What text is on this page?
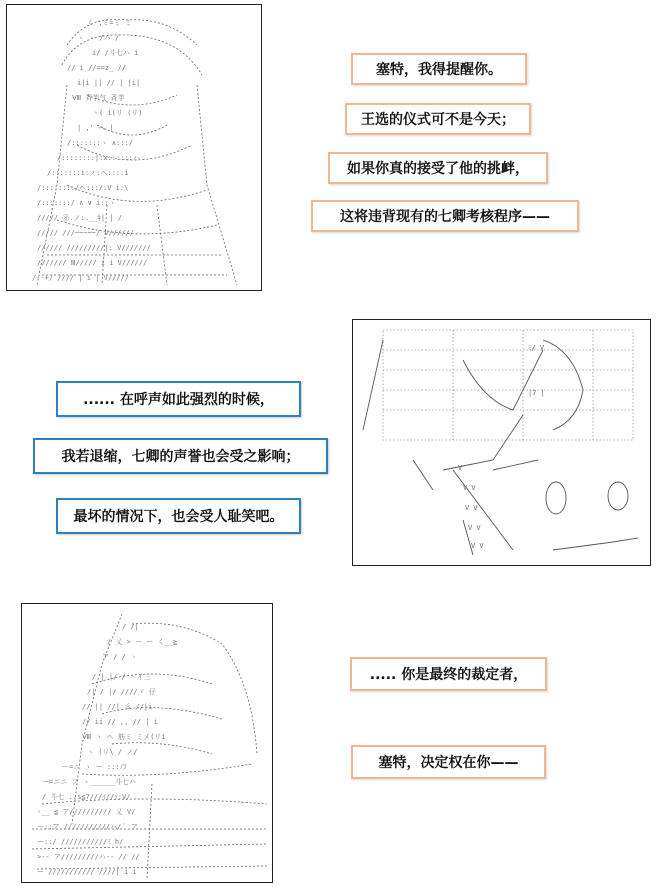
く ,ミ=ミ ミ
ゝ ヽ /ハ /
i/ /斗七ハ i
// i //==z_ //
i|i || // | |i|
Ⅷ 斉芋气 斉芋
ヽ( i(リ (リ)
| ,' ヘ |
/:::::::ヽ ∧:::/
/::::::::|:x::::::ハ
/:::::::i:ノ:ヘ::::i
/::::::::/ヘ:::/:V i:\
/:::::::/ ∧ ∨ i::ヽ
///// ⑧.ノ:.__ｷ| | /
///// ///~~~~~/ V//////
////// /////////|: V///////
/////// Ⅲ///// i i V//////
/--+/ //// | i | V/////
塞特，我得提醒你。
王选的仪式可不是今天；
如果你真的接受了他的挑衅，
这将违背现有的七卿考核程序——
V
V V
V V
V V
V V
|7 |
ﾐ/ V
...... 在呼声如此强烈的时候，
我若退缩，七卿的声誉也会受之影响；
最坏的情况下，也会受人耻笑吧。
/ /|
/ 乂 > ー ー く__≧
ア / / ヽ
/ | |/ / ヽイ三
/| / |/ ////ゞ 仔
// || //| 彡 //|i
// ii // ,, // | i
Ⅷ ヽ ヘ 筋ミ ミメ(リi
ヽ (リ\ / ノ/
ー=ニ ヽ ー :::ﾉﾌ
ー=ニニ フ ヽ______斗七ハ
/ 斗七 ..s≦7///ｲ//ｿ:V/
-__ ≦ ア////////// 乂 V/
ー::ア ///////////ハ/ ﾞ ア
ー::/ ///////////ﾐ h/
>-- ア/////////ハ-- // //
ー /////////// ////| i i
..... 你是最终的裁定者，
塞特，决定权在你——
